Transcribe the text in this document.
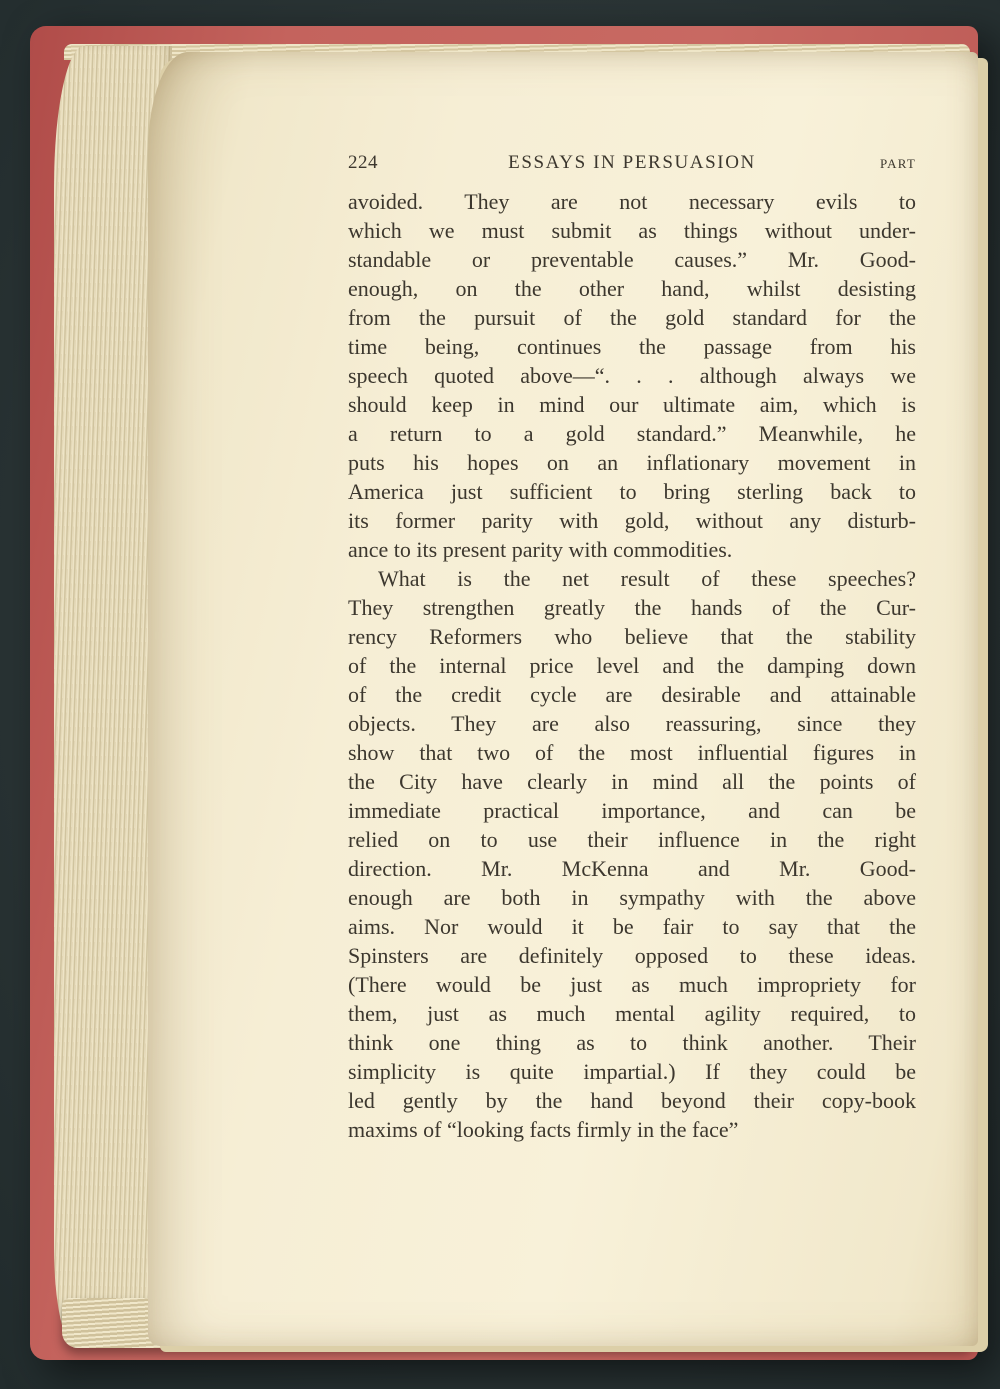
224	ESSAYS IN PERSUASION	PART
avoided. They are not necessary evils to
which we must submit as things without under-
standable or preventable causes.” Mr. Good-
enough, on the other hand, whilst desisting
from the pursuit of the gold standard for the
time being, continues the passage from his
speech quoted above—“. . . although always we
should keep in mind our ultimate aim, which is
a return to a gold standard.” Meanwhile, he
puts his hopes on an inflationary movement in
America just sufficient to bring sterling back to
its former parity with gold, without any disturb-
ance to its present parity with commodities.
What is the net result of these speeches?
They strengthen greatly the hands of the Cur-
rency Reformers who believe that the stability
of the internal price level and the damping down
of the credit cycle are desirable and attainable
objects. They are also reassuring, since they
show that two of the most influential figures in
the City have clearly in mind all the points of
immediate practical importance, and can be
relied on to use their influence in the right
direction. Mr. McKenna and Mr. Good-
enough are both in sympathy with the above
aims. Nor would it be fair to say that the
Spinsters are definitely opposed to these ideas.
(There would be just as much impropriety for
them, just as much mental agility required, to
think one thing as to think another. Their
simplicity is quite impartial.) If they could be
led gently by the hand beyond their copy-book
maxims of “looking facts firmly in the face”
